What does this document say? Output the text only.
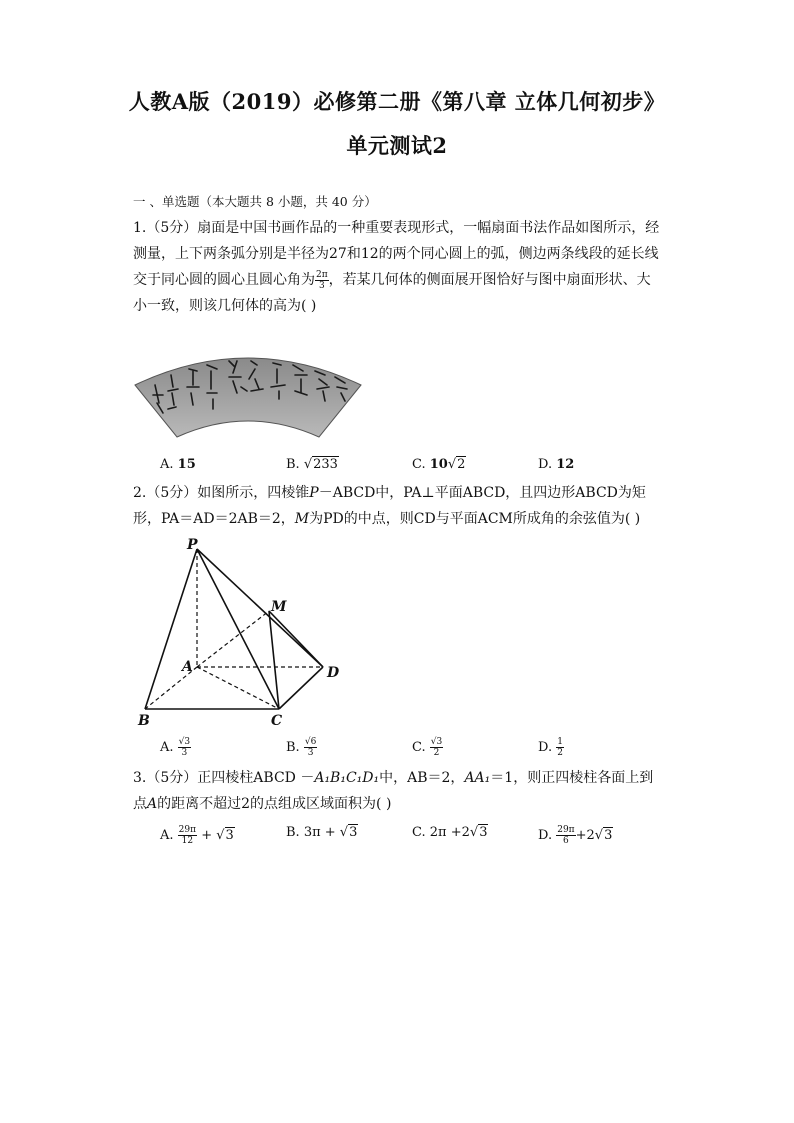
人教A版（2019）必修第二册《第八章 立体几何初步》
单元测试2
一 、单选题（本大题共 8 小题，共 40 分）
1.（5分）扇面是中国书画作品的一种重要表现形式，一幅扇面书法作品如图所示，经测量，上下两条弧分别是半径为27和12的两个同心圆上的弧，侧边两条线段的延长线交于同心圆的圆心且圆心角为 $\frac{2\pi}{3}$ ，若某几何体的侧面展开图恰好与图中扇面形状、大小一致，则该几何体的高为( )
A. 15	B. √233	C. 10√2	D. 12
2.（5分）如图所示，四棱锥P－ABCD中，PA⊥平面ABCD，且四边形ABCD为矩形，PA＝AD＝2AB＝2，M为PD的中点，则CD与平面ACM所成角的余弦值为( )
P
M
A	D
B	C
A. $\frac{√3}{3}$	B. $\frac{√6}{3}$	C. $\frac{√3}{2}$	D. $\frac{1}{2}$
3.（5分）正四棱柱ABCD －A₁B₁C₁D₁中，AB＝2，AA₁＝1，则正四棱柱各面上到点A的距离不超过2的点组成区域面积为( )
A. $\frac{29\pi}{12} + √3$	B. 3π + √3	C. 2π +2√3	D. $\frac{29\pi}{6} +2√3$
